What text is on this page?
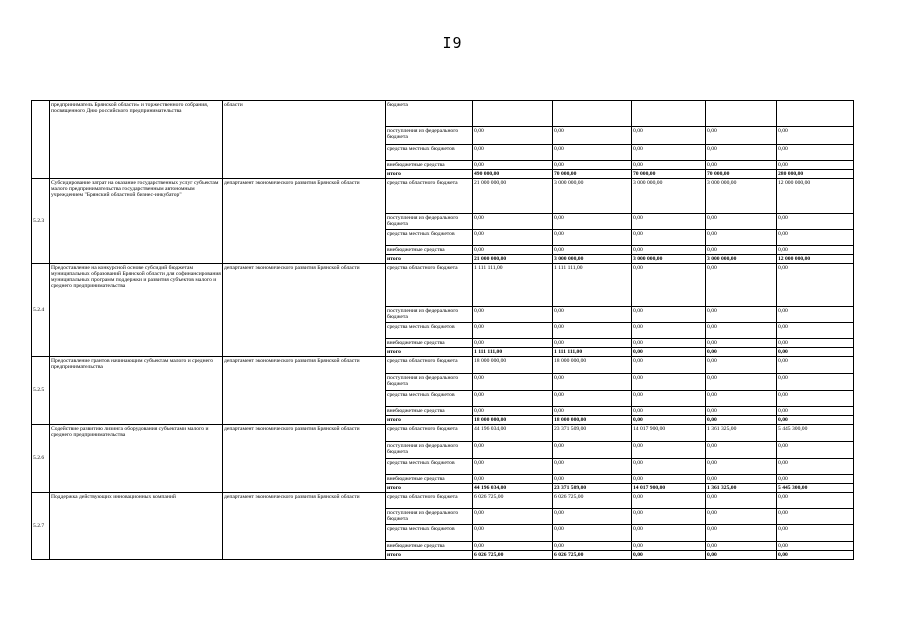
I9
	предприниматель Брянской области» и торжественного собрания, посвященного Дню российского предпринимательства	области	бюджета					
			поступления из федерального бюджета	0,00	0,00	0,00	0,00	0,00
			средства местных бюджетов	0,00	0,00	0,00	0,00	0,00
			внебюджетные средства	0,00	0,00	0,00	0,00	0,00
			итого	490 000,00	70 000,00	70 000,00	70 000,00	280 000,00
5.2.3	Субсидирование затрат на оказание государственных услуг субъектам малого предпринимательства государственным автономным учреждением "Брянский областной бизнес-инкубатор"	департамент экономического развития Брянской области	средства областного бюджета	21 000 000,00	3 000 000,00	3 000 000,00	3 000 000,00	12 000 000,00
			поступления из федерального бюджета	0,00	0,00	0,00	0,00	0,00
			средства местных бюджетов	0,00	0,00	0,00	0,00	0,00
			внебюджетные средства	0,00	0,00	0,00	0,00	0,00
			итого	21 000 000,00	3 000 000,00	3 000 000,00	3 000 000,00	12 000 000,00
5.2.4	Предоставление на конкурсной основе субсидий бюджетам муниципальных образований Брянской области для софинансирования муниципальных программ поддержки и развития субъектов малого и среднего предпринимательства	департамент экономического развития Брянской области	средства областного бюджета	1 111 111,00	1 111 111,00	0,00	0,00	0,00
			поступления из федерального бюджета	0,00	0,00	0,00	0,00	0,00
			средства местных бюджетов	0,00	0,00	0,00	0,00	0,00
			внебюджетные средства	0,00	0,00	0,00	0,00	0,00
			итого	1 111 111,00	1 111 111,00	0,00	0,00	0,00
5.2.5	Предоставление грантов начинающим субъектам малого и среднего предпринимательства	департамент экономического развития Брянской области	средства областного бюджета	18 000 000,00	18 000 000,00	0,00	0,00	0,00
			поступления из федерального бюджета	0,00	0,00	0,00	0,00	0,00
			средства местных бюджетов	0,00	0,00	0,00	0,00	0,00
			внебюджетные средства	0,00	0,00	0,00	0,00	0,00
			итого	18 000 000,00	18 000 000,00	0,00	0,00	0,00
5.2.6	Содействие развитию лизинга оборудования субъектами малого и среднего предпринимательства	департамент экономического развития Брянской области	средства областного бюджета	44 196 034,00	23 371 509,00	14 017 900,00	1 361 325,00	5 445 300,00
			поступления из федерального бюджета	0,00	0,00	0,00	0,00	0,00
			средства местных бюджетов	0,00	0,00	0,00	0,00	0,00
			внебюджетные средства	0,00	0,00	0,00	0,00	0,00
			итого	44 196 034,00	23 371 509,00	14 017 900,00	1 361 325,00	5 445 300,00
5.2.7	Поддержка действующих инновационных компаний	департамент экономического развития Брянской области	средства областного бюджета	6 026 725,00	6 026 725,00	0,00	0,00	0,00
			поступления из федерального бюджета	0,00	0,00	0,00	0,00	0,00
			средства местных бюджетов	0,00	0,00	0,00	0,00	0,00
			внебюджетные средства	0,00	0,00	0,00	0,00	0,00
			итого	6 026 725,00	6 026 725,00	0,00	0,00	0,00
